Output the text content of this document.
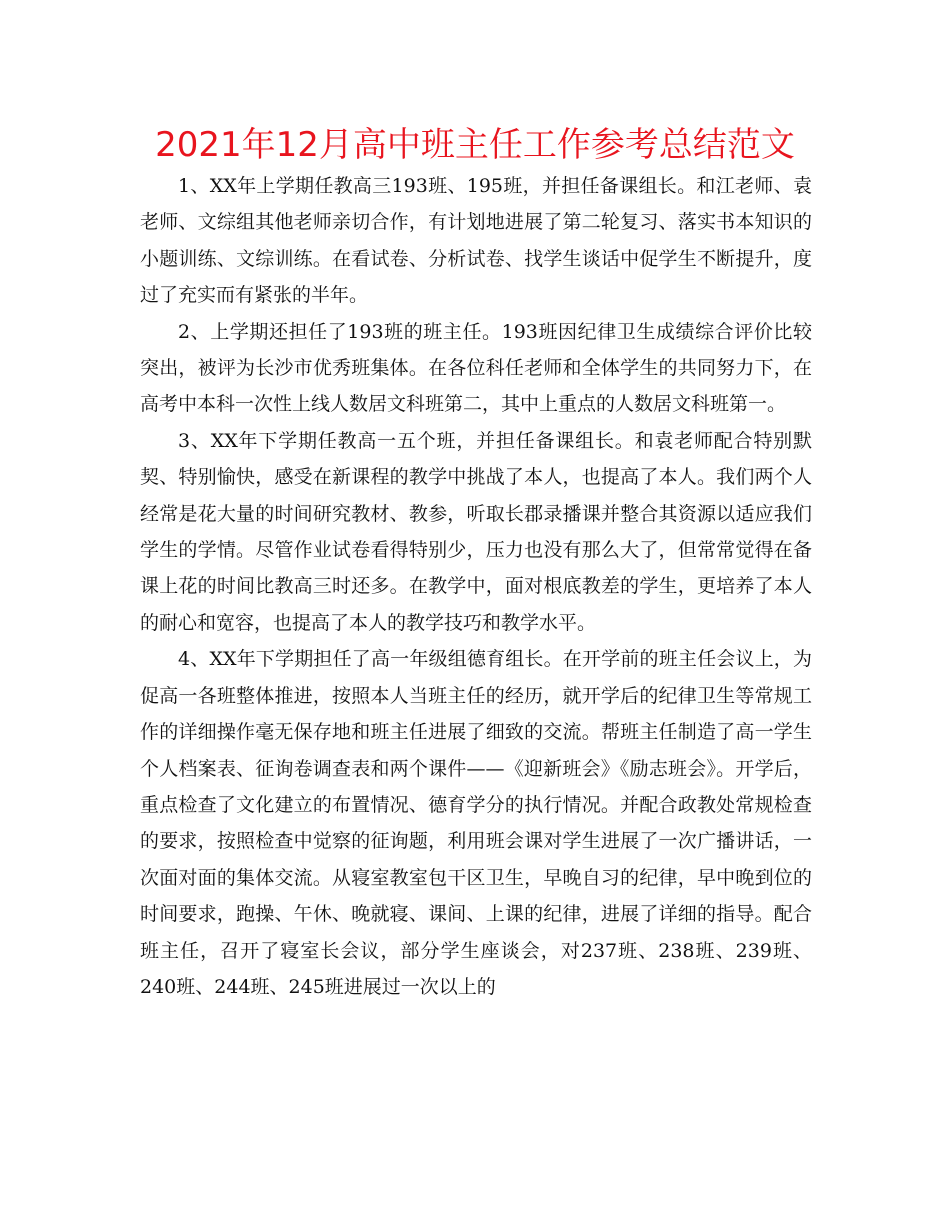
2021年12月高中班主任工作参考总结范文

1、XX年上学期任教高三193班、195班，并担任备课组长。和江老师、袁老师、文综组其他老师亲切合作，有计划地进展了第二轮复习、落实书本知识的小题训练、文综训练。在看试卷、分析试卷、找学生谈话中促学生不断提升，度过了充实而有紧张的半年。

2、上学期还担任了193班的班主任。193班因纪律卫生成绩综合评价比较突出，被评为长沙市优秀班集体。在各位科任老师和全体学生的共同努力下，在高考中本科一次性上线人数居文科班第二，其中上重点的人数居文科班第一。

3、XX年下学期任教高一五个班，并担任备课组长。和袁老师配合特别默契、特别愉快，感受在新课程的教学中挑战了本人，也提高了本人。我们两个人经常是花大量的时间研究教材、教参，听取长郡录播课并整合其资源以适应我们学生的学情。尽管作业试卷看得特别少，压力也没有那么大了，但常常觉得在备课上花的时间比教高三时还多。在教学中，面对根底教差的学生，更培养了本人的耐心和宽容，也提高了本人的教学技巧和教学水平。

4、XX年下学期担任了高一年级组德育组长。在开学前的班主任会议上，为促高一各班整体推进，按照本人当班主任的经历，就开学后的纪律卫生等常规工作的详细操作毫无保存地和班主任进展了细致的交流。帮班主任制造了高一学生个人档案表、征询卷调查表和两个课件——《迎新班会》《励志班会》。开学后，重点检查了文化建立的布置情况、德育学分的执行情况。并配合政教处常规检查的要求，按照检查中觉察的征询题，利用班会课对学生进展了一次广播讲话，一次面对面的集体交流。从寝室教室包干区卫生，早晚自习的纪律，早中晚到位的时间要求，跑操、午休、晚就寝、课间、上课的纪律，进展了详细的指导。配合班主任，召开了寝室长会议，部分学生座谈会，对237班、238班、239班、240班、244班、245班进展过一次以上的
